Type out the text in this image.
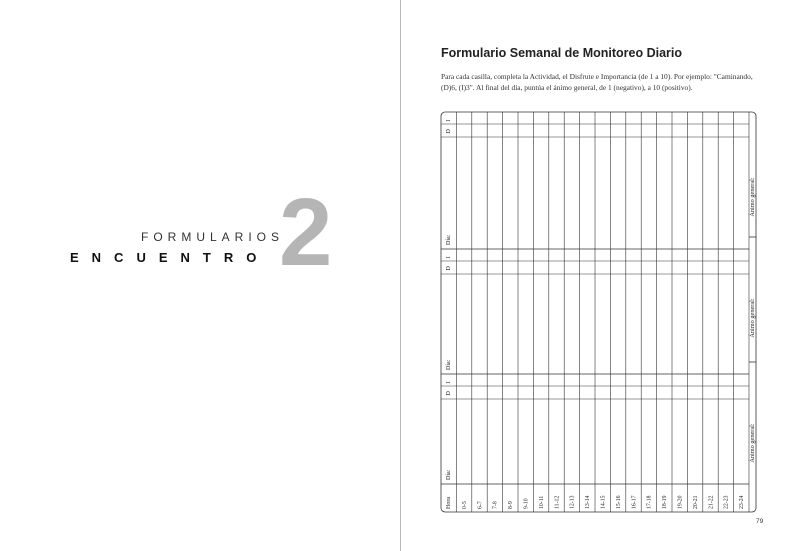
FORMULARIOS
ENCUENTRO 2
Formulario Semanal de Monitoreo Diario
Para cada casilla, completa la Actividad, el Disfrute e Importancia (de 1 a 10). Por ejemplo: "Caminando, (D)6, (I)3". Al final del día, puntúa el ánimo general, de 1 (negativo), a 10 (positivo).
I
D
Día:
I
D
Día:
I
D
Día:
Hora 0-5 6-7 7-8 8-9 9-10 10-11 11-12 12-13 13-14 14-15 15-16 16-17 17-18 18-19 19-20 20-21 21-22 22-23 23-24
Ánimo general:
Ánimo general:
Ánimo general:
79
